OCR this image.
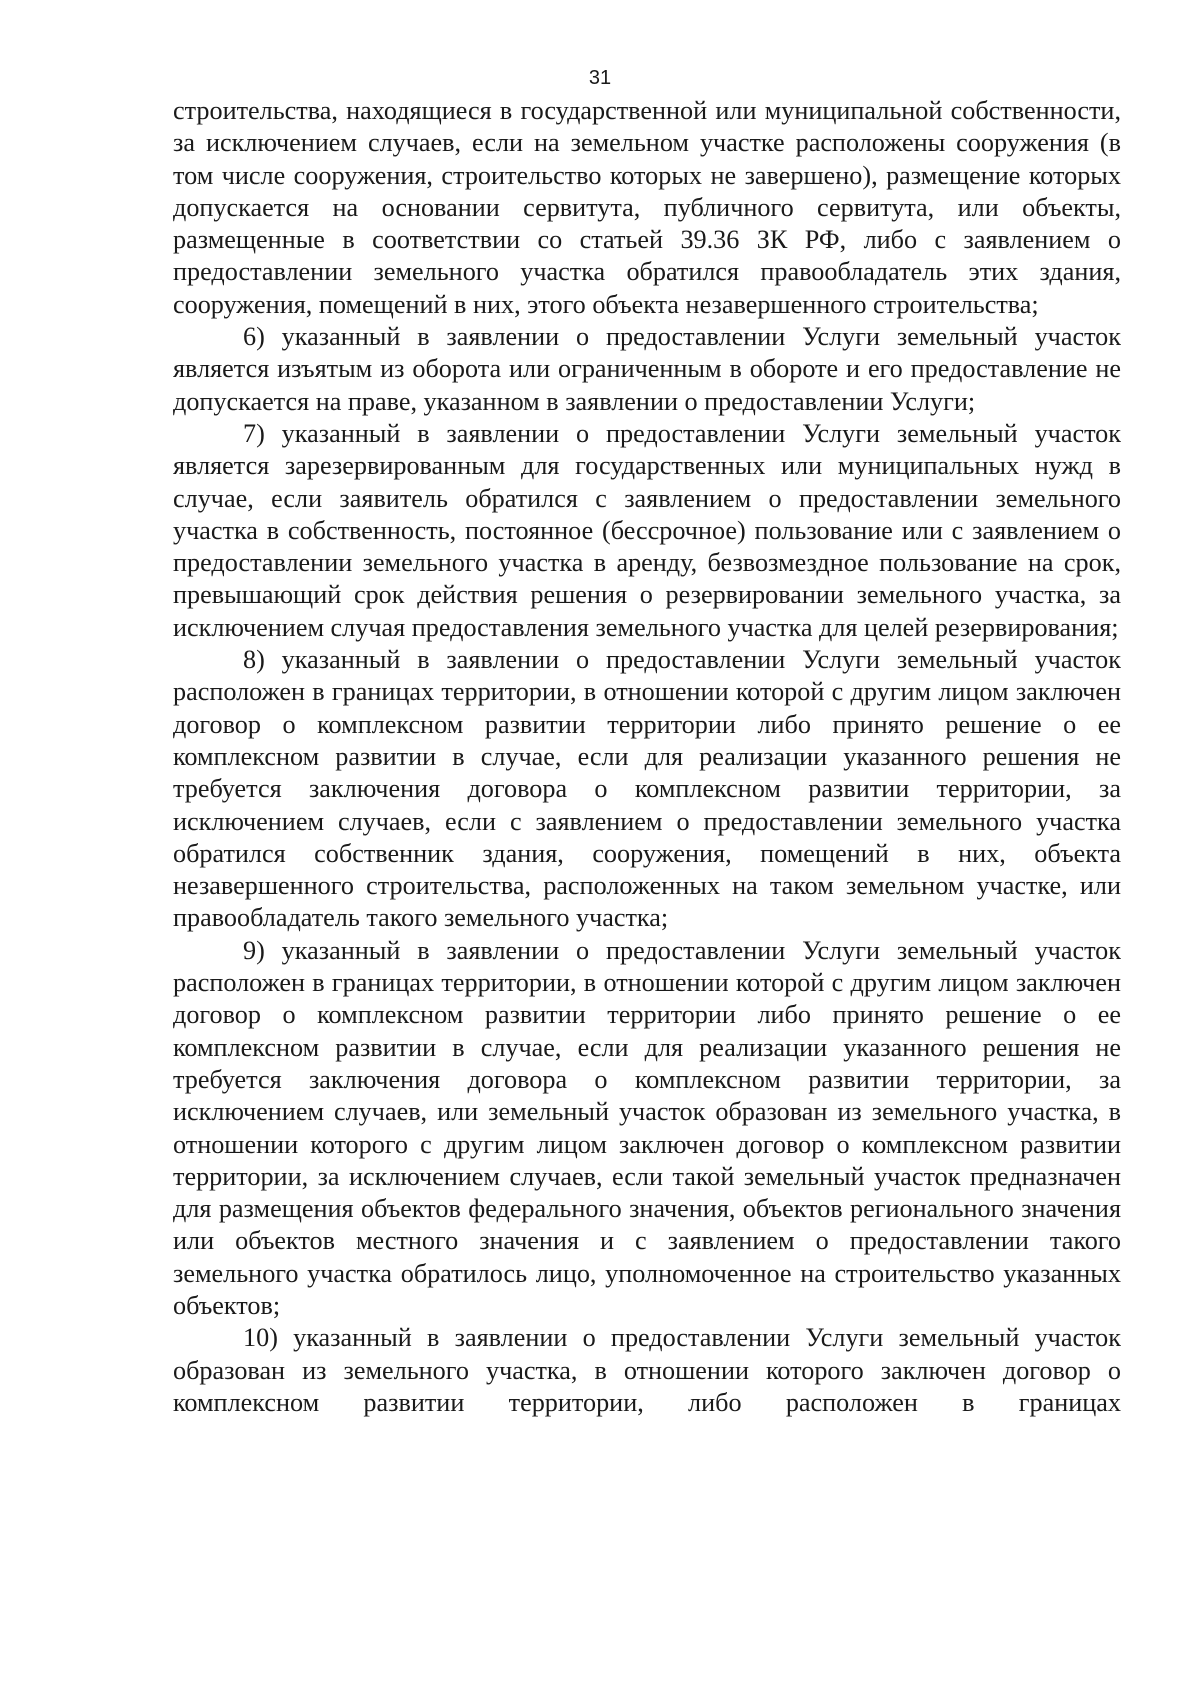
31

строительства, находящиеся в государственной или муниципальной собственности, за исключением случаев, если на земельном участке расположены сооружения (в том числе сооружения, строительство которых не завершено), размещение которых допускается на основании сервитута, публичного сервитута, или объекты, размещенные в соответствии со статьей 39.36 ЗК РФ, либо с заявлением о предоставлении земельного участка обратился правообладатель этих здания, сооружения, помещений в них, этого объекта незавершенного строительства;

6) указанный в заявлении о предоставлении Услуги земельный участок является изъятым из оборота или ограниченным в обороте и его предоставление не допускается на праве, указанном в заявлении о предоставлении Услуги;

7) указанный в заявлении о предоставлении Услуги земельный участок является зарезервированным для государственных или муниципальных нужд в случае, если заявитель обратился с заявлением о предоставлении земельного участка в собственность, постоянное (бессрочное) пользование или с заявлением о предоставлении земельного участка в аренду, безвозмездное пользование на срок, превышающий срок действия решения о резервировании земельного участка, за исключением случая предоставления земельного участка для целей резервирования;

8) указанный в заявлении о предоставлении Услуги земельный участок расположен в границах территории, в отношении которой с другим лицом заключен договор о комплексном развитии территории либо принято решение о ее комплексном развитии в случае, если для реализации указанного решения не требуется заключения договора о комплексном развитии территории, за исключением случаев, если с заявлением о предоставлении земельного участка обратился собственник здания, сооружения, помещений в них, объекта незавершенного строительства, расположенных на таком земельном участке, или правообладатель такого земельного участка;

9) указанный в заявлении о предоставлении Услуги земельный участок расположен в границах территории, в отношении которой с другим лицом заключен договор о комплексном развитии территории либо принято решение о ее комплексном развитии в случае, если для реализации указанного решения не требуется заключения договора о комплексном развитии территории, за исключением случаев, или земельный участок образован из земельного участка, в отношении которого с другим лицом заключен договор о комплексном развитии территории, за исключением случаев, если такой земельный участок предназначен для размещения объектов федерального значения, объектов регионального значения или объектов местного значения и с заявлением о предоставлении такого земельного участка обратилось лицо, уполномоченное на строительство указанных объектов;

10) указанный в заявлении о предоставлении Услуги земельный участок образован из земельного участка, в отношении которого заключен договор о комплексном развитии территории, либо расположен в границах
